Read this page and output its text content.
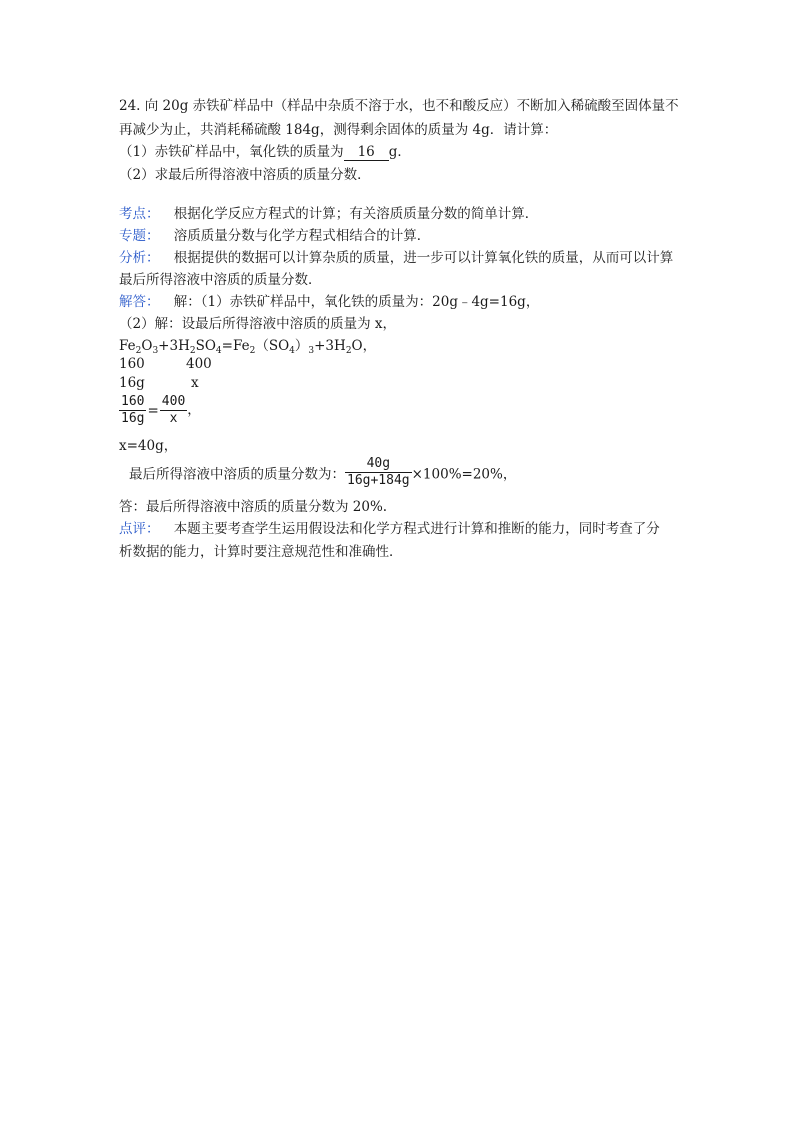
24. 向 20g 赤铁矿样品中（样品中杂质不溶于水，也不和酸反应）不断加入稀硫酸至固体量不
再减少为止，共消耗稀硫酸 184g，测得剩余固体的质量为 4g．请计算：
（1）赤铁矿样品中，氧化铁的质量为 16 g．
（2）求最后所得溶液中溶质的质量分数．
考点： 根据化学反应方程式的计算；有关溶质质量分数的简单计算．
专题： 溶质质量分数与化学方程式相结合的计算．
分析： 根据提供的数据可以计算杂质的质量，进一步可以计算氧化铁的质量，从而可以计算
最后所得溶液中溶质的质量分数．
解答： 解：（1）赤铁矿样品中，氧化铁的质量为：20g﹣4g=16g，
（2）解：设最后所得溶液中溶质的质量为 x，
$Fe_2O_3+3H_2SO_4=Fe_2(SO_4)_3+3H_2O$，
160	400
16g	x
$\frac{160}{16g} = \frac{400}{x}$ ，
x=40g，
最后所得溶液中溶质的质量分数为： $\frac{40g}{16g+184g} \times 100\%=20\%$，
答：最后所得溶液中溶质的质量分数为 20%.
点评： 本题主要考查学生运用假设法和化学方程式进行计算和推断的能力，同时考查了分
析数据的能力，计算时要注意规范性和准确性．
